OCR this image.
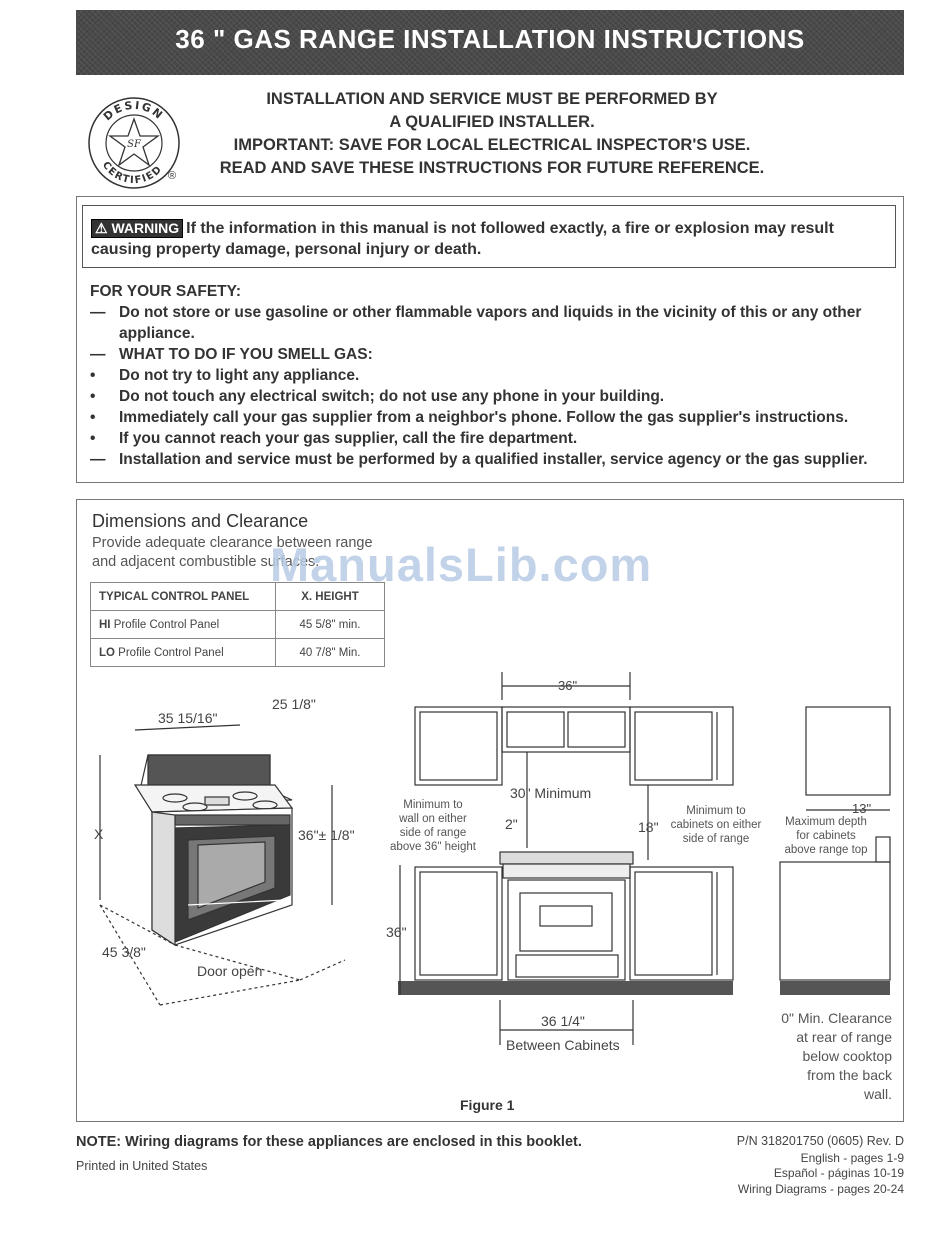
36 " GAS RANGE INSTALLATION INSTRUCTIONS
DESIGN
CERTIFIED
SF
®
INSTALLATION AND SERVICE MUST BE PERFORMED BY
A QUALIFIED INSTALLER.
IMPORTANT: SAVE FOR LOCAL ELECTRICAL INSPECTOR'S USE.
READ AND SAVE THESE INSTRUCTIONS FOR FUTURE REFERENCE.
⚠ WARNING If the information in this manual is not followed exactly, a fire or explosion may result
causing property damage, personal injury or death.
FOR YOUR SAFETY:
— Do not store or use gasoline or other flammable vapors and liquids in the vicinity of this or any other
appliance.
— WHAT TO DO IF YOU SMELL GAS:
•	Do not try to light any appliance.
•	Do not touch any electrical switch; do not use any phone in your building.
•	Immediately call your gas supplier from a neighbor's phone. Follow the gas supplier's instructions.
•	If you cannot reach your gas supplier, call the fire department.
— Installation and service must be performed by a qualified installer, service agency or the gas supplier.
Dimensions and Clearance
Provide adequate clearance between range
and adjacent combustible surfaces.
TYPICAL CONTROL PANEL	X. HEIGHT
HI Profile Control Panel	45 5/8" min.
LO Profile Control Panel	40 7/8" Min.
ManualsLib.com
35 15/16"
25 1/8"
X	36"± 1/8"
45 3/8"
Door open
36"
30" Minimum
Minimum to
wall on either
side of range
above 36" height
2"	18"
Minimum to
cabinets on either
side of range
13"
Maximum depth
for cabinets
above range top
36"
36 1/4"
Between Cabinets
0" Min. Clearance
at rear of range
below cooktop
from the back
wall.
Figure 1
NOTE: Wiring diagrams for these appliances are enclosed in this booklet.
Printed in United States
P/N 318201750 (0605) Rev. D
English - pages 1-9
Español - páginas 10-19
Wiring Diagrams - pages 20-24
